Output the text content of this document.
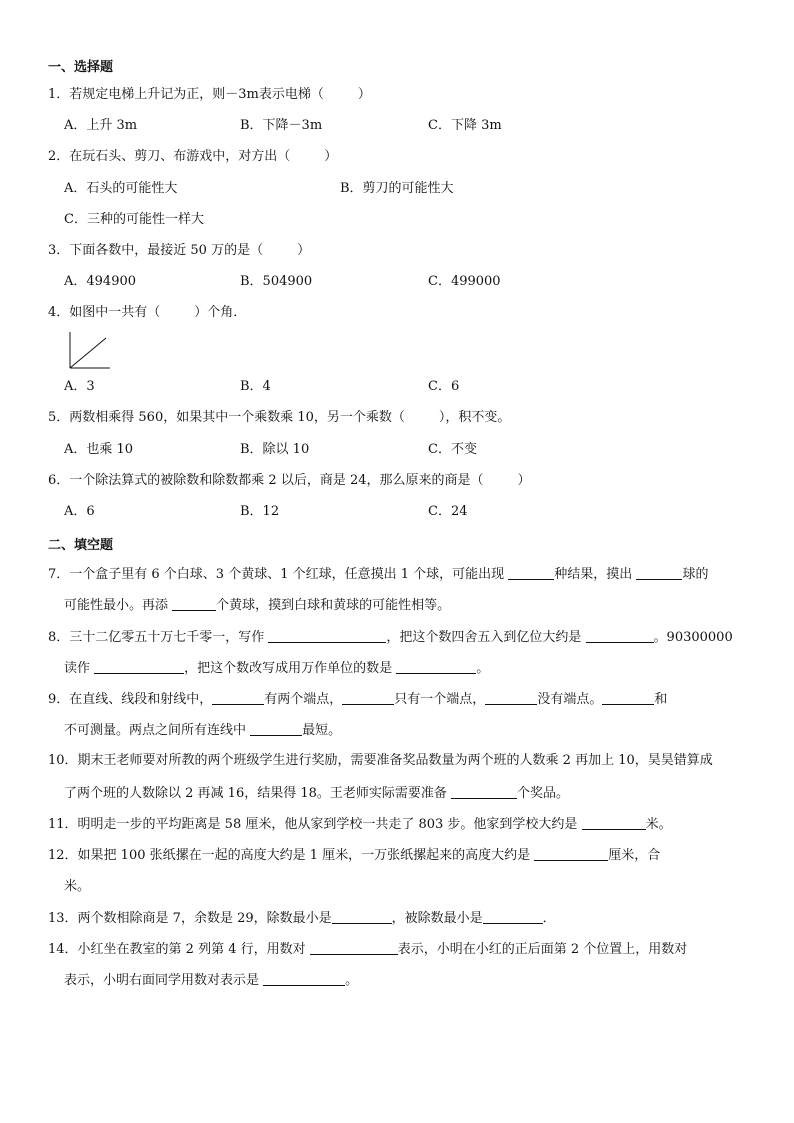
一、选择题
1．若规定电梯上升记为正，则－3m表示电梯（	）
A．上升 3m	B．下降－3m	C．下降 3m
2．在玩石头、剪刀、布游戏中，对方出（	）
A．石头的可能性大	B．剪刀的可能性大
C．三种的可能性一样大
3．下面各数中，最接近 50 万的是（	）
A．494900	B．504900	C．499000
4．如图中一共有（	）个角．
A．3	B．4	C．6
5．两数相乘得 560，如果其中一个乘数乘 10，另一个乘数（	），积不变。
A．也乘 10	B．除以 10	C．不变
6．一个除法算式的被除数和除数都乘 2 以后，商是 24，那么原来的商是（	）
A．6	B．12	C．24
二、填空题
7．一个盒子里有 6 个白球、3 个黄球、1 个红球，任意摸出 1 个球，可能出现	种结果，摸出	球的
可能性最小。再添	个黄球，摸到白球和黄球的可能性相等。
8．三十二亿零五十万七千零一，写作	，把这个数四舍五入到亿位大约是	。90300000
读作	，把这个数改写成用万作单位的数是	。
9．在直线、线段和射线中，	有两个端点，	只有一个端点，	没有端点。	和
不可测量。两点之间所有连线中	最短。
10．期末王老师要对所教的两个班级学生进行奖励，需要准备奖品数量为两个班的人数乘 2 再加上 10，昊昊错算成
了两个班的人数除以 2 再减 16，结果得 18。王老师实际需要准备	个奖品。
11．明明走一步的平均距离是 58 厘米，他从家到学校一共走了 803 步。他家到学校大约是	米。
12．如果把 100 张纸摞在一起的高度大约是 1 厘米，一万张纸摞起来的高度大约是	厘米，合
米。
13．两个数相除商是 7，余数是 29，除数最小是	，被除数最小是	．
14．小红坐在教室的第 2 列第 4 行，用数对	表示，小明在小红的正后面第 2 个位置上，用数对
表示，小明右面同学用数对表示是	。
